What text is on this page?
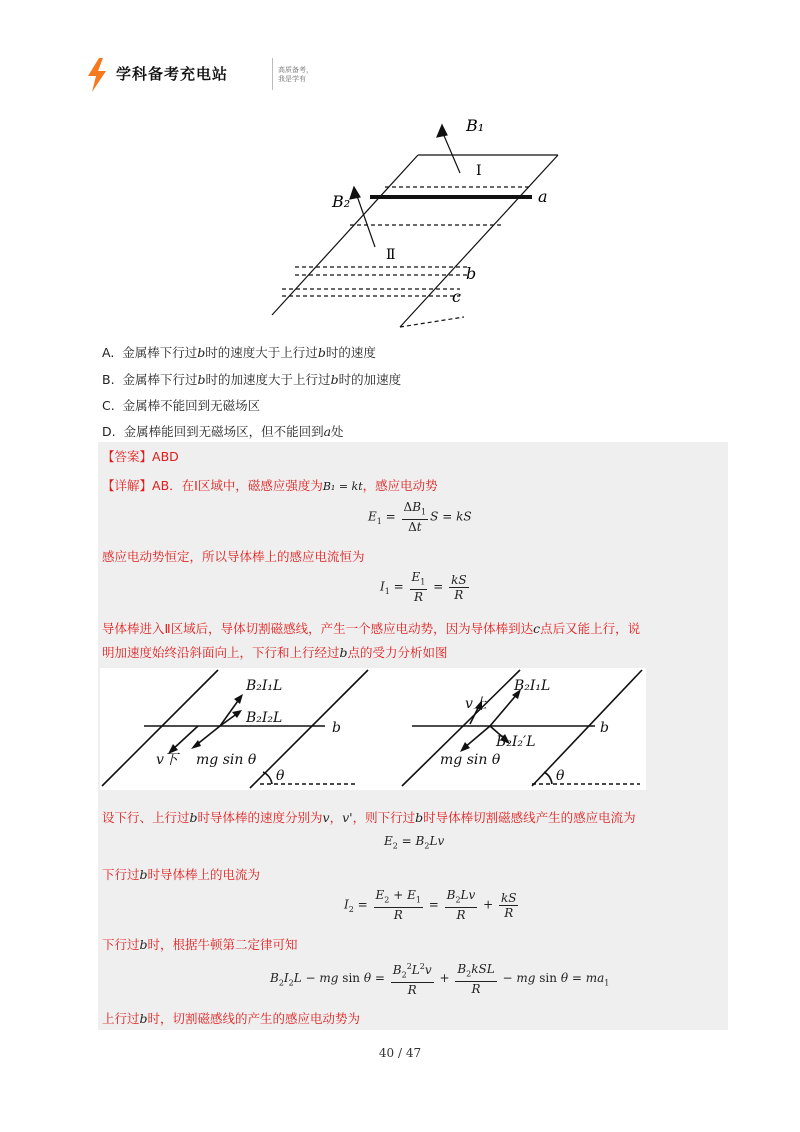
学科备考充电站	高质备考， 我是学有
B₁
B₂
Ⅰ
Ⅱ
a
b
c
A. 金属棒下行过b时的速度大于上行过b时的速度
B. 金属棒下行过b时的加速度大于上行过b时的加速度
C. 金属棒不能回到无磁场区
D. 金属棒能回到无磁场区，但不能回到a处
【答案】ABD
【详解】AB．在Ⅰ区域中，磁感应强度为B₁ = kt，感应电动势
$E_1 = \frac{\Delta B_1}{\Delta t}$ S = kS
感应电动势恒定，所以导体棒上的感应电流恒为
$I_1 = \frac{E_1}{R} = \frac{kS}{R}$
导体棒进入Ⅱ区域后，导体切割磁感线，产生一个感应电动势，因为导体棒到达c点后又能上行，说
明加速度始终沿斜面向上，下行和上行经过b点的受力分析如图
B₂I₁L
B₂I₂L
v下 mg sin θ
b
θ
B₂I₁L
B₂I₂′L
v上
mg sin θ
b
θ
设下行、上行过b时导体棒的速度分别为v，v'，则下行过b时导体棒切割磁感线产生的感应电流为
$E_2 = B_2Lv$
下行过b时导体棒上的电流为
$I_2 = \frac{E_2 + E_1}{R} = \frac{B_2Lv}{R} + \frac{kS}{R}$
下行过b时，根据牛顿第二定律可知
$B_2I_2L$ − mg $\sin \theta = \frac{B_2^2L^2v}{R} + \frac{B_2kSL}{R}$ − mg $\sin \theta = ma_1$
上行过b时，切割磁感线的产生的感应电动势为
40 / 47
